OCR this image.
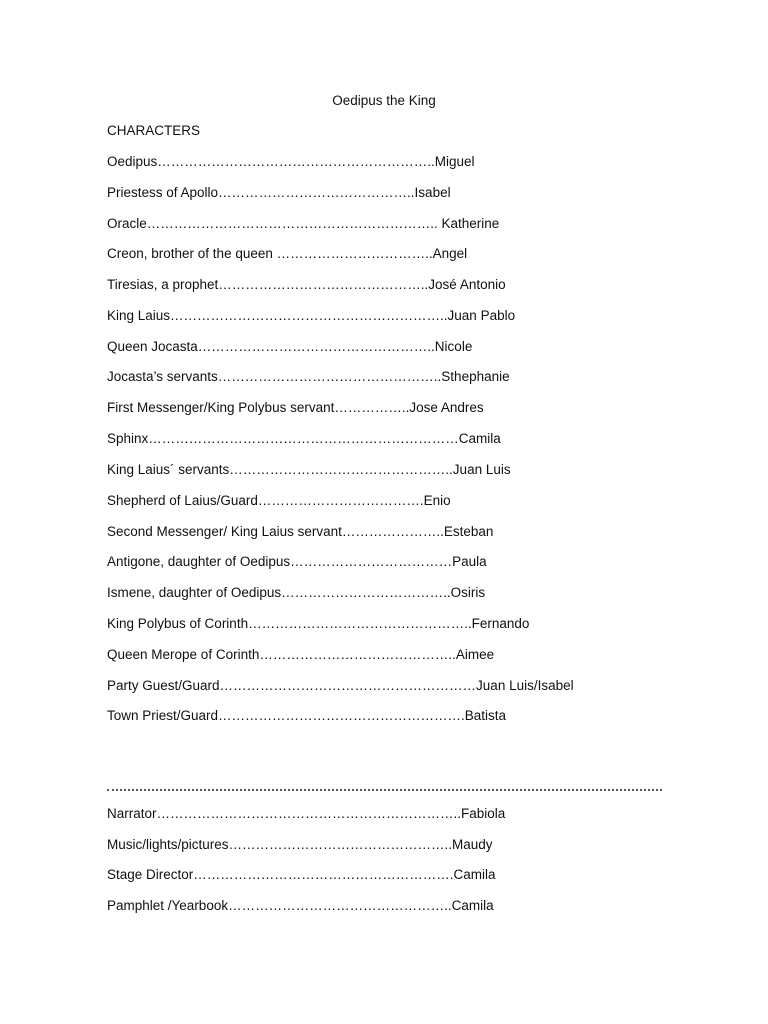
Oedipus the King
CHARACTERS
Oedipus……………………………………………………..Miguel
Priestess of Apollo……………………………………..Isabel
Oracle……………………………………………………….. Katherine
Creon, brother of the queen ……………………………..Angel
Tiresias, a prophet………………………………………..José Antonio
King Laius……………………………………………………..Juan Pablo
Queen Jocasta……………………………………………..Nicole
Jocasta’s servants…………………………………………..Sthephanie
First Messenger/King Polybus servant……………..Jose Andres
Sphinx……………………………………………………………Camila
King Laius´ servants…………………………………………..Juan Luis
Shepherd of Laius/Guard……………………………….Enio
Second Messenger/ King Laius servant…………………..Esteban
Antigone, daughter of Oedipus………………………………Paula
Ismene, daughter of Oedipus………………………………..Osiris
King Polybus of Corinth…………………………………………..Fernando
Queen Merope of Corinth……………………………………..Aimee
Party Guest/Guard…………………………………………………Juan Luis/Isabel
Town Priest/Guard……………………………………………….Batista
Narrator…………………………………………………………..Fabiola
Music/lights/pictures…………………………………………..Maudy
Stage Director………………………………………………….Camila
Pamphlet /Yearbook…………………………………………..Camila
